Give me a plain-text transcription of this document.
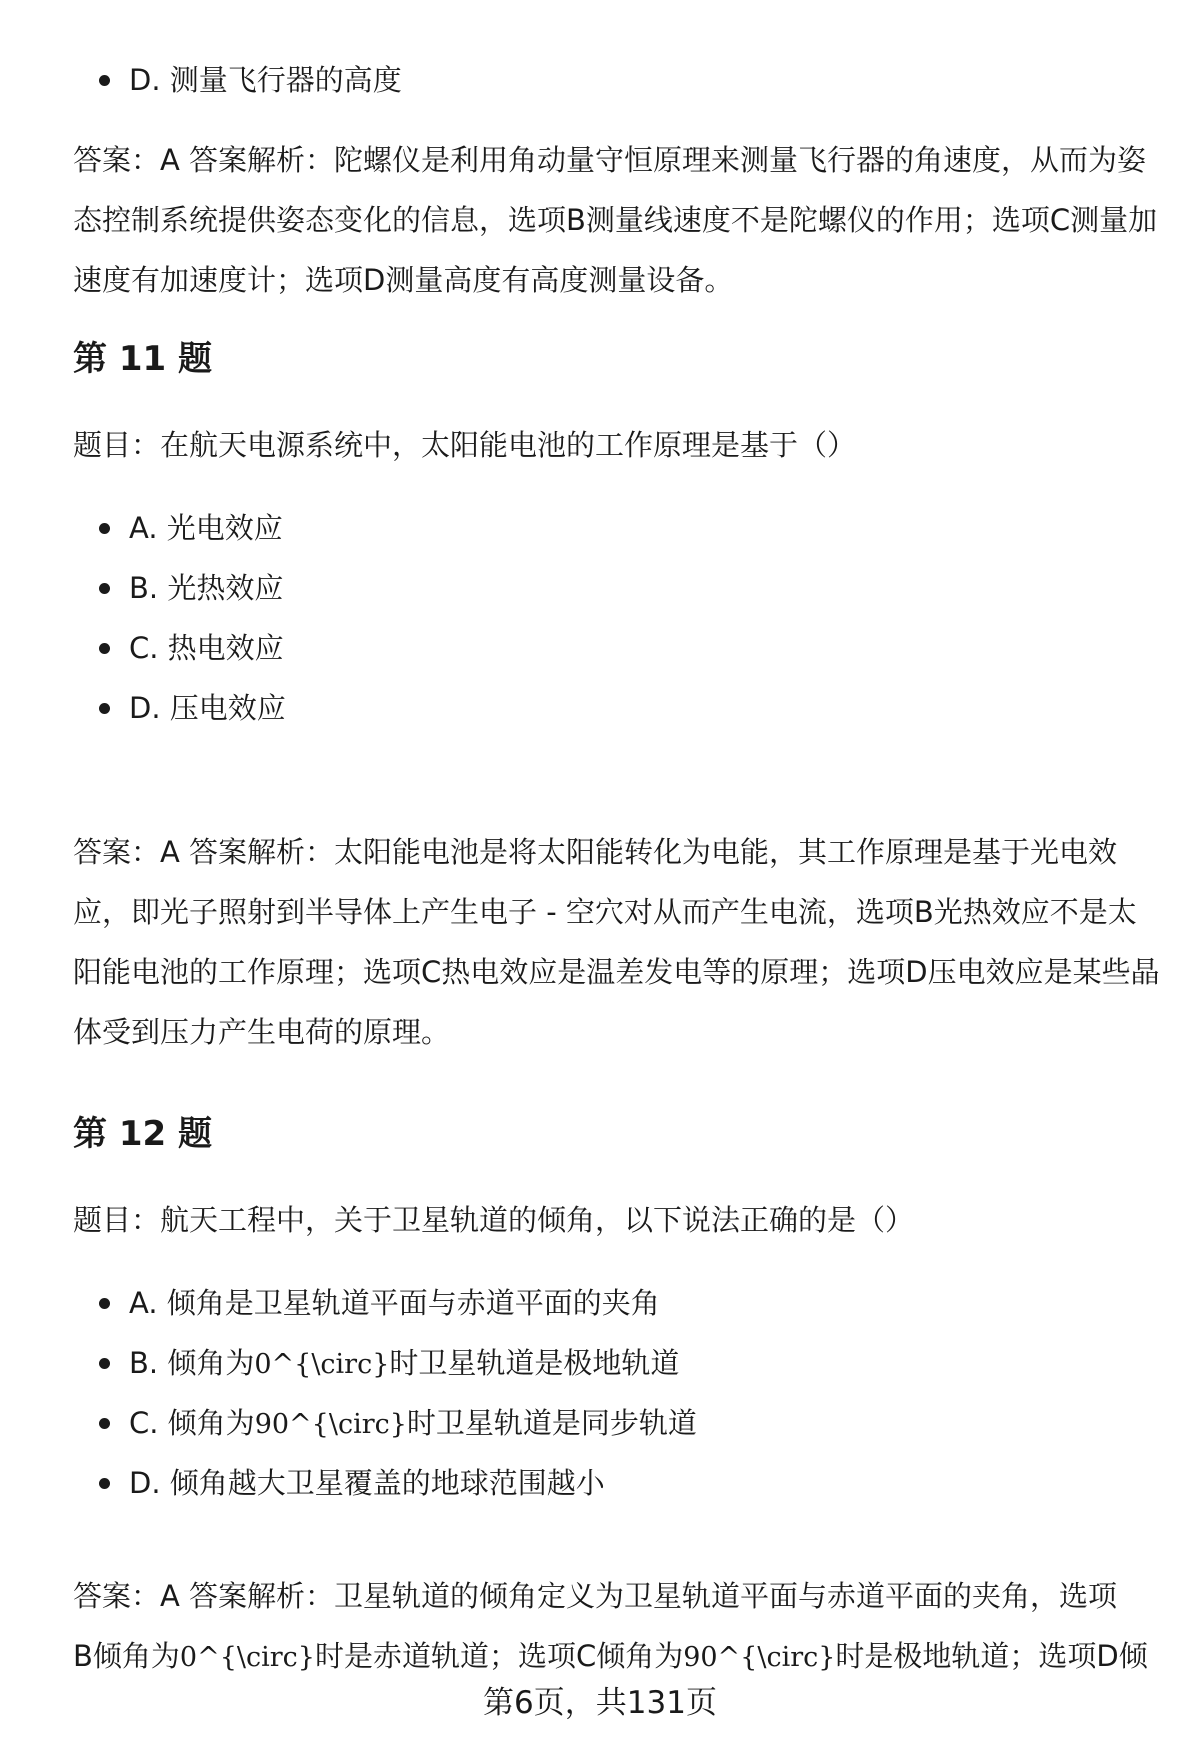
D. 测量飞行器的高度

答案：A 答案解析：陀螺仪是利用角动量守恒原理来测量飞行器的角速度，从而为姿态控制系统提供姿态变化的信息，选项B测量线速度不是陀螺仪的作用；选项C测量加速度有加速度计；选项D测量高度有高度测量设备。

第 11 题

题目：在航天电源系统中，太阳能电池的工作原理是基于（）

A. 光电效应
B. 光热效应
C. 热电效应
D. 压电效应

答案：A 答案解析：太阳能电池是将太阳能转化为电能，其工作原理是基于光电效应，即光子照射到半导体上产生电子 - 空穴对从而产生电流，选项B光热效应不是太阳能电池的工作原理；选项C热电效应是温差发电等的原理；选项D压电效应是某些晶体受到压力产生电荷的原理。

第 12 题

题目：航天工程中，关于卫星轨道的倾角，以下说法正确的是（）

A. 倾角是卫星轨道平面与赤道平面的夹角
B. 倾角为0^{\circ}时卫星轨道是极地轨道
C. 倾角为90^{\circ}时卫星轨道是同步轨道
D. 倾角越大卫星覆盖的地球范围越小

答案：A 答案解析：卫星轨道的倾角定义为卫星轨道平面与赤道平面的夹角，选项

B倾角为0^{\circ}时是赤道轨道；选项C倾角为90^{\circ}时是极地轨道；选项D倾

第6页，共131页
